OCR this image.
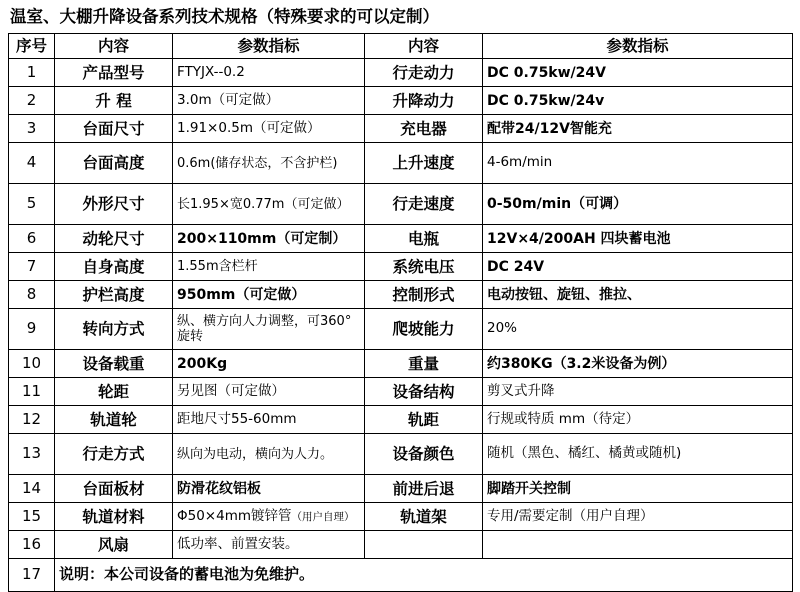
温室、大棚升降设备系列技术规格（特殊要求的可以定制）
序号	内容	参数指标	内容	参数指标
1	产品型号	FTYJX--0.2	行走动力	DC 0.75kw/24V
2	升 程	3.0m（可定做）	升降动力	DC 0.75kw/24v
3	台面尺寸	1.91×0.5m（可定做）	充电器	配带24/12V智能充
4	台面高度	0.6m(储存状态，不含护栏)	上升速度	4-6m/min
5	外形尺寸	长1.95×宽0.77m（可定做）	行走速度	0-50m/min（可调）
6	动轮尺寸	200×110mm（可定制）	电瓶	12V×4/200AH 四块蓄电池
7	自身高度	1.55m含栏杆	系统电压	DC 24V
8	护栏高度	950mm（可定做）	控制形式	电动按钮、旋钮、推拉、
9	转向方式	纵、横方向人力调整，可360°旋转	爬坡能力	20%
10	设备载重	200Kg	重量	约380KG（3.2米设备为例）
11	轮距	另见图（可定做）	设备结构	剪叉式升降
12	轨道轮	距地尺寸55-60mm	轨距	行规或特质 mm（待定）
13	行走方式	纵向为电动，横向为人力。	设备颜色	随机（黑色、橘红、橘黄或随机)
14	台面板材	防滑花纹铝板	前进后退	脚踏开关控制
15	轨道材料	Φ50×4mm镀锌管（用户自理）	轨道架	专用/需要定制（用户自理）
16	风扇	低功率、前置安装。		
17	说明：本公司设备的蓄电池为免维护。			
